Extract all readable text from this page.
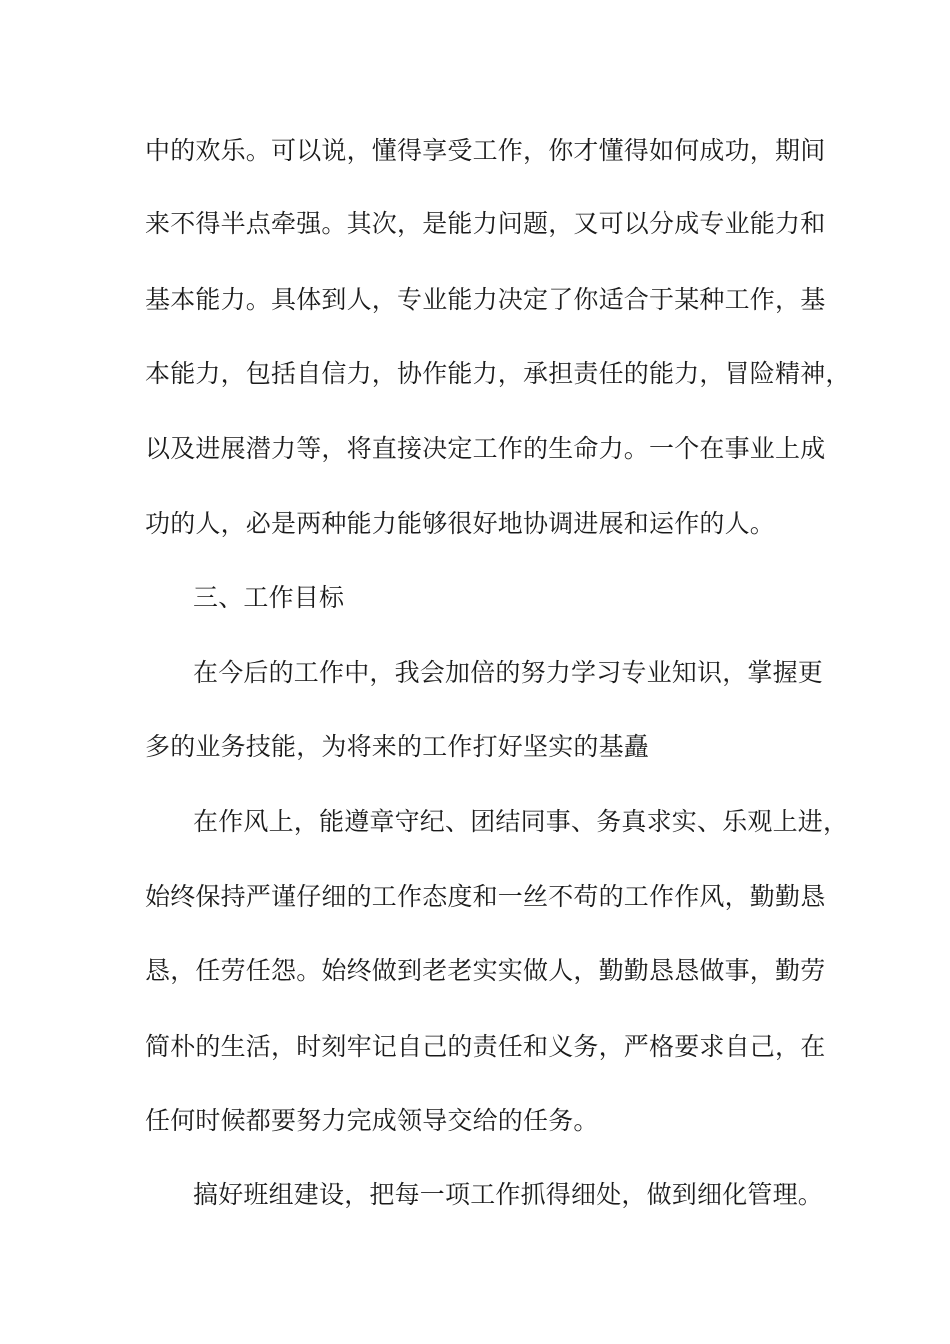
中的欢乐。可以说，懂得享受工作，你才懂得如何成功，期间
来不得半点牵强。其次，是能力问题，又可以分成专业能力和
基本能力。具体到人，专业能力决定了你适合于某种工作，基
本能力，包括自信力，协作能力，承担责任的能力，冒险精神，
以及进展潜力等，将直接决定工作的生命力。一个在事业上成
功的人，必是两种能力能够很好地协调进展和运作的人。
三、工作目标
在今后的工作中，我会加倍的努力学习专业知识，掌握更
多的业务技能，为将来的工作打好坚实的基矗
在作风上，能遵章守纪、团结同事、务真求实、乐观上进，
始终保持严谨仔细的工作态度和一丝不苟的工作作风，勤勤恳
恳，任劳任怨。始终做到老老实实做人，勤勤恳恳做事，勤劳
简朴的生活，时刻牢记自己的责任和义务，严格要求自己，在
任何时候都要努力完成领导交给的任务。
搞好班组建设，把每一项工作抓得细处，做到细化管理。
